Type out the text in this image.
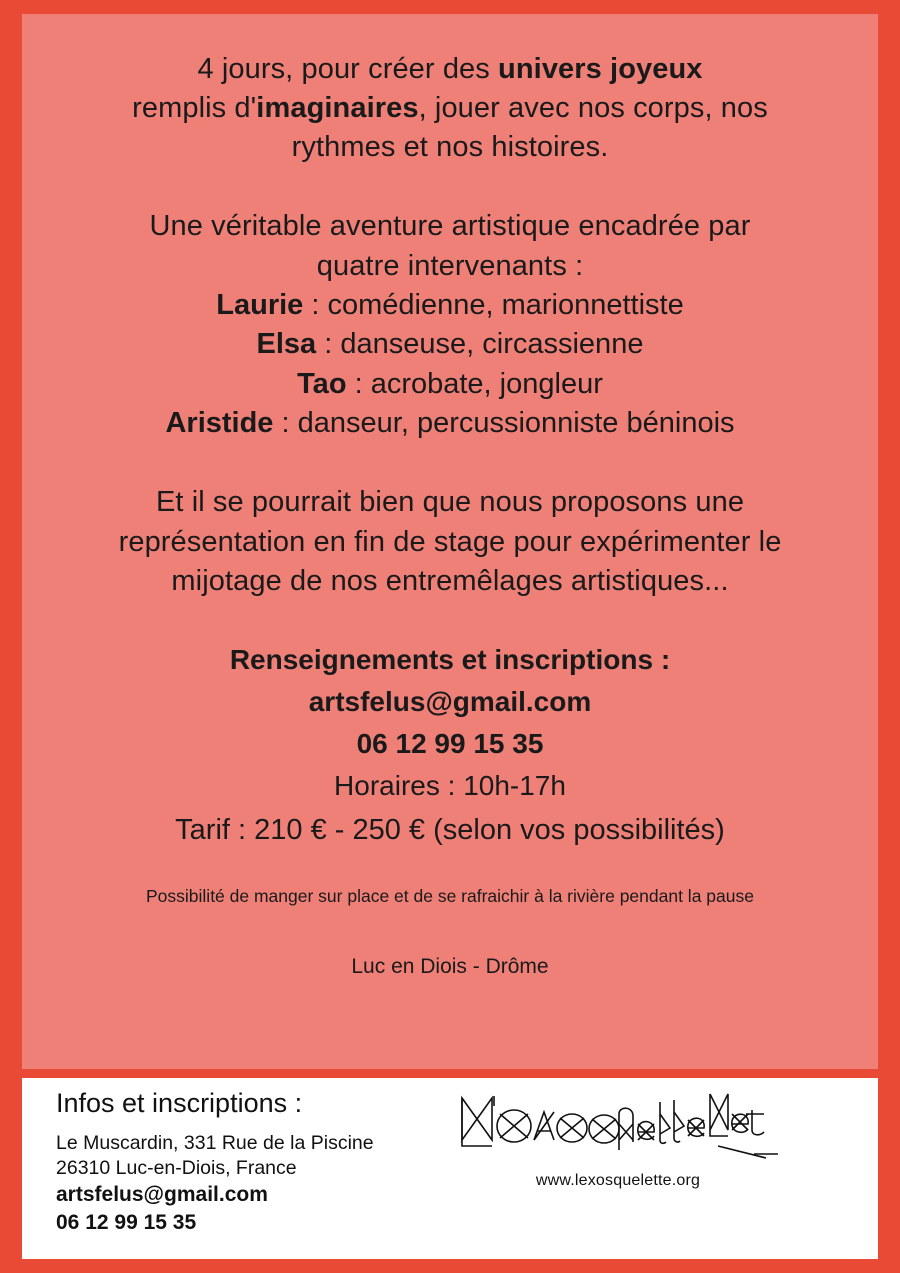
4 jours, pour créer des univers joyeux
remplis d'imaginaires, jouer avec nos corps, nos
rythmes et nos histoires.
Une véritable aventure artistique encadrée par
quatre intervenants :
Laurie : comédienne, marionnettiste
Elsa : danseuse, circassienne
Tao : acrobate, jongleur
Aristide : danseur, percussionniste béninois
Et il se pourrait bien que nous proposons une
représentation en fin de stage pour expérimenter le
mijotage de nos entremêlages artistiques...
Renseignements et inscriptions :
artsfelus@gmail.com
06 12 99 15 35
Horaires : 10h-17h
Tarif : 210 € - 250 € (selon vos possibilités)
Possibilité de manger sur place et de se rafraichir à la rivière pendant la pause
Luc en Diois - Drôme
Infos et inscriptions :
Le Muscardin, 331 Rue de la Piscine
26310 Luc-en-Diois, France
artsfelus@gmail.com
06 12 99 15 35
www.lexosquelette.org
